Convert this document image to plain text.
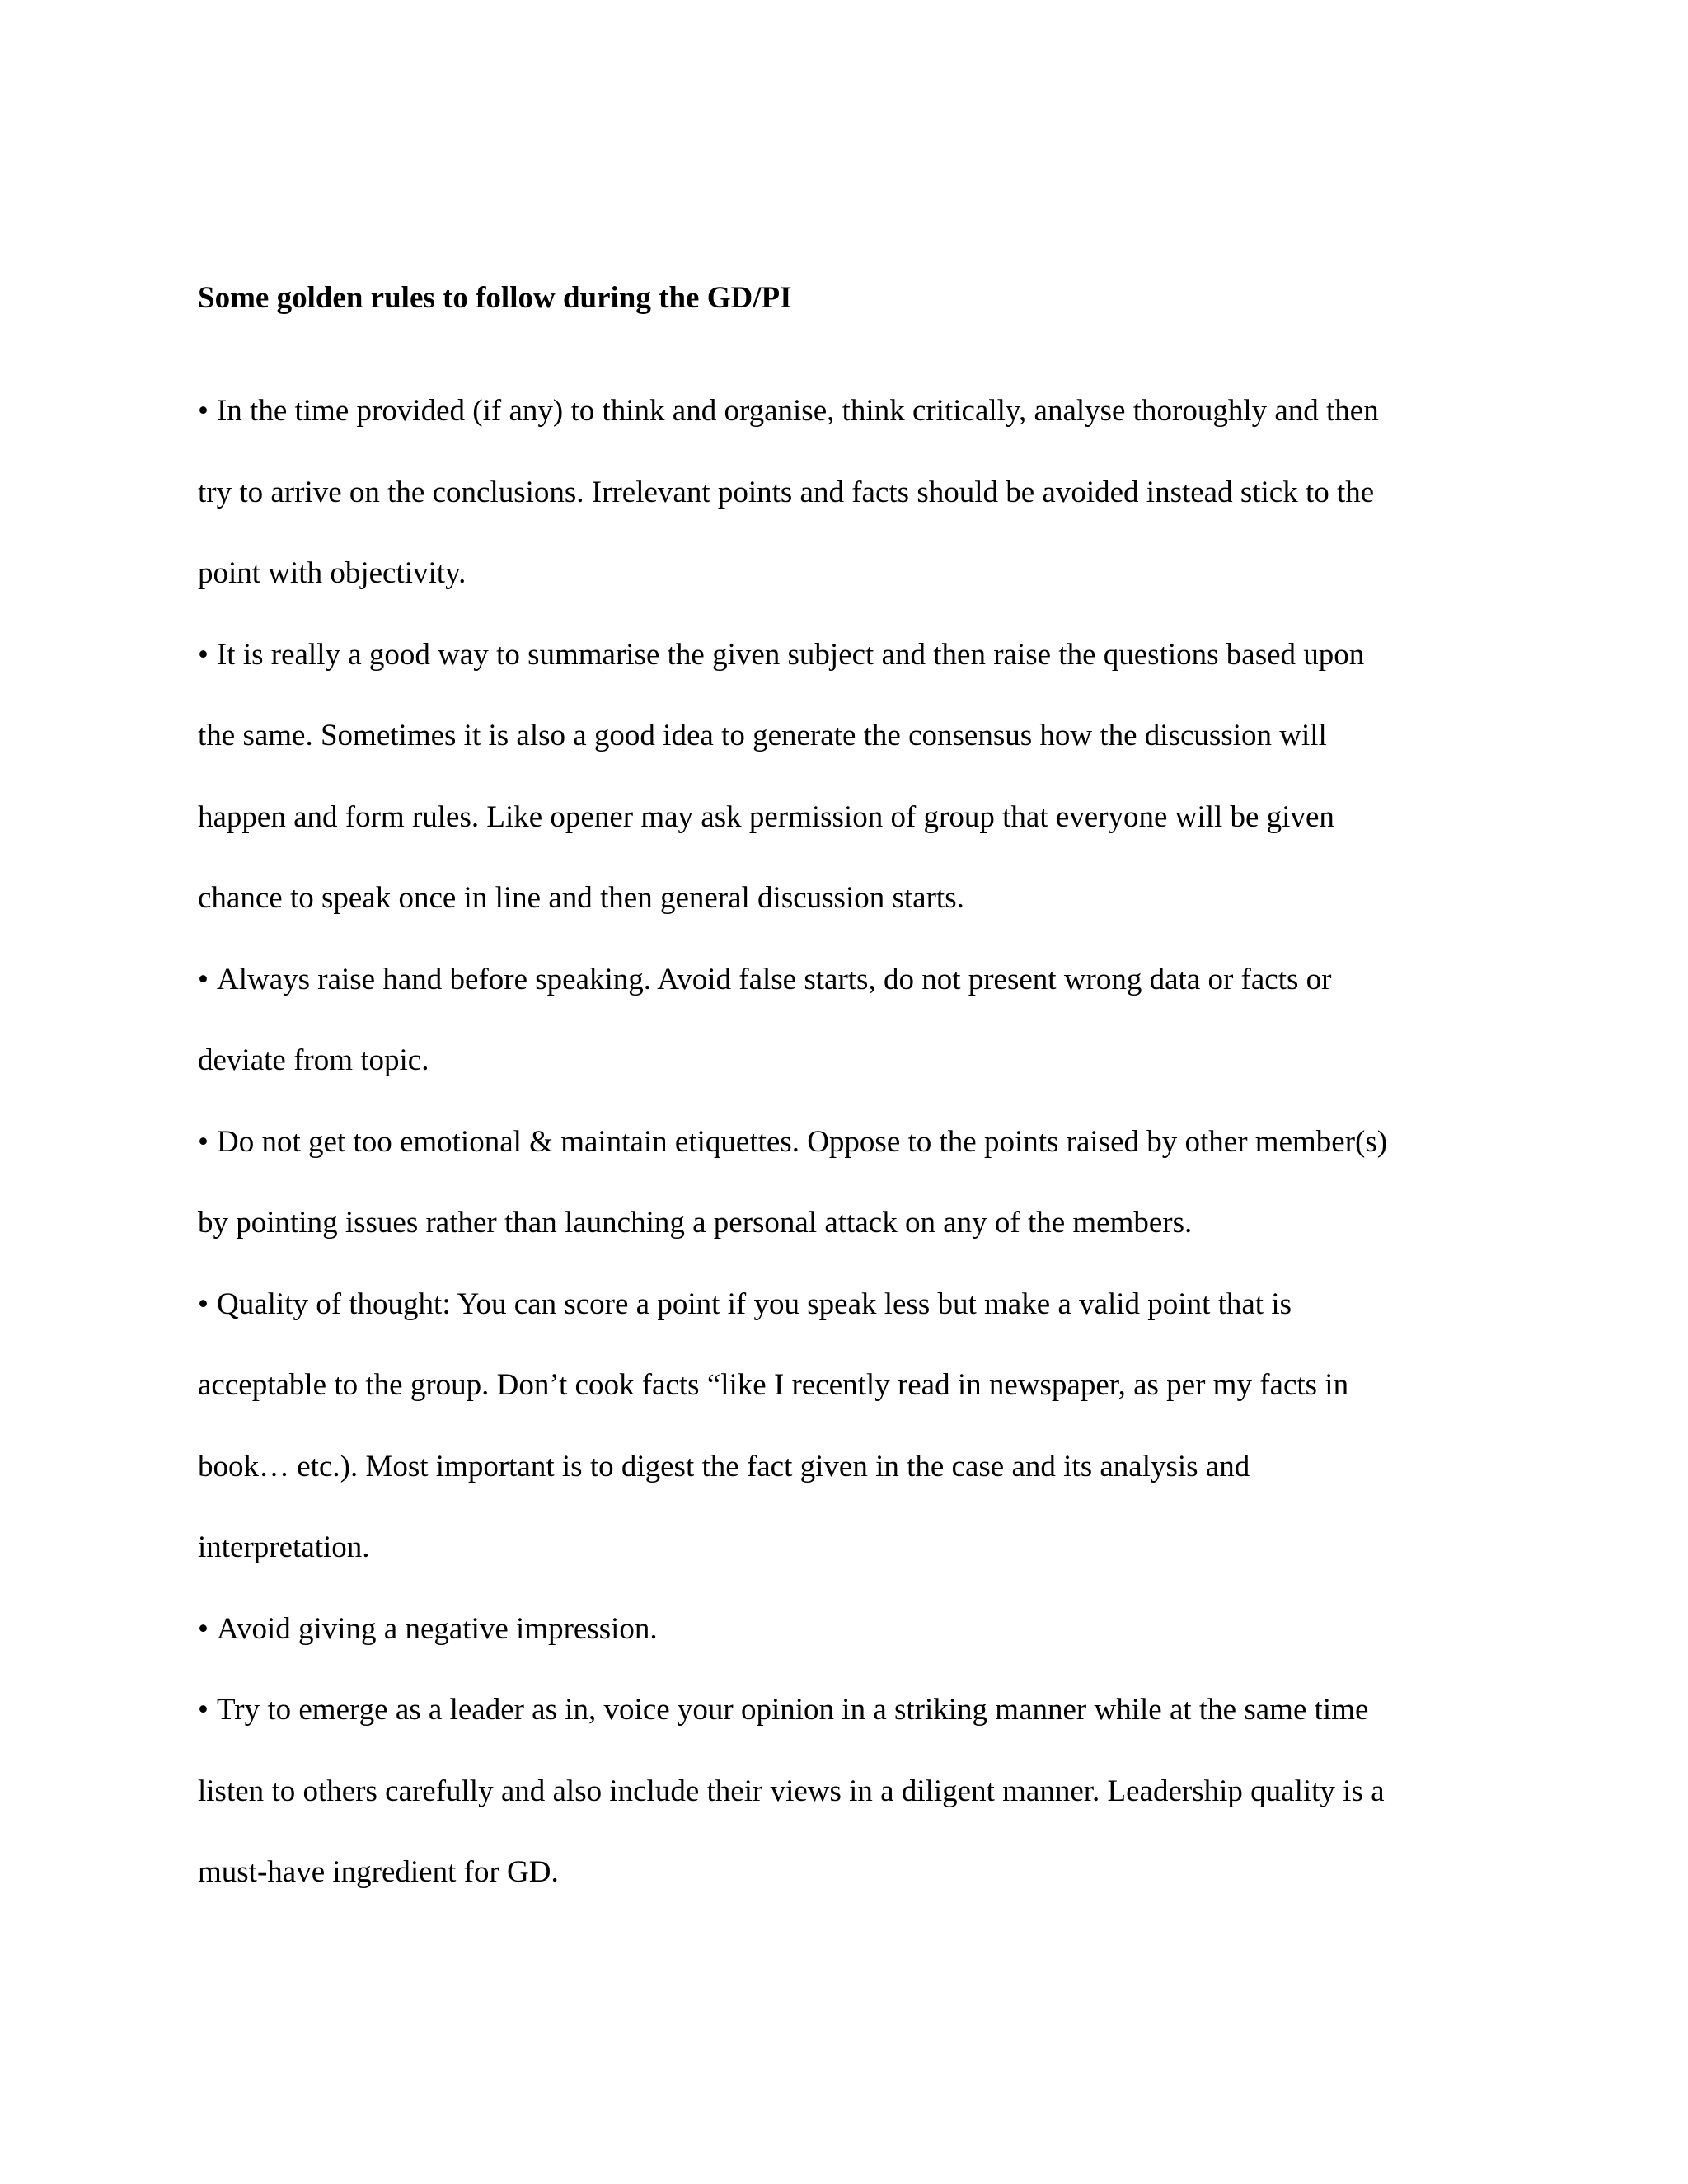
Some golden rules to follow during the GD/PI

• In the time provided (if any) to think and organise, think critically, analyse thoroughly and then

try to arrive on the conclusions. Irrelevant points and facts should be avoided instead stick to the

point with objectivity.

• It is really a good way to summarise the given subject and then raise the questions based upon

the same. Sometimes it is also a good idea to generate the consensus how the discussion will

happen and form rules. Like opener may ask permission of group that everyone will be given

chance to speak once in line and then general discussion starts.

• Always raise hand before speaking. Avoid false starts, do not present wrong data or facts or

deviate from topic.

• Do not get too emotional & maintain etiquettes. Oppose to the points raised by other member(s)

by pointing issues rather than launching a personal attack on any of the members.

• Quality of thought: You can score a point if you speak less but make a valid point that is

acceptable to the group. Don’t cook facts “like I recently read in newspaper, as per my facts in

book… etc.). Most important is to digest the fact given in the case and its analysis and

interpretation.

• Avoid giving a negative impression.

• Try to emerge as a leader as in, voice your opinion in a striking manner while at the same time

listen to others carefully and also include their views in a diligent manner. Leadership quality is a

must-have ingredient for GD.
